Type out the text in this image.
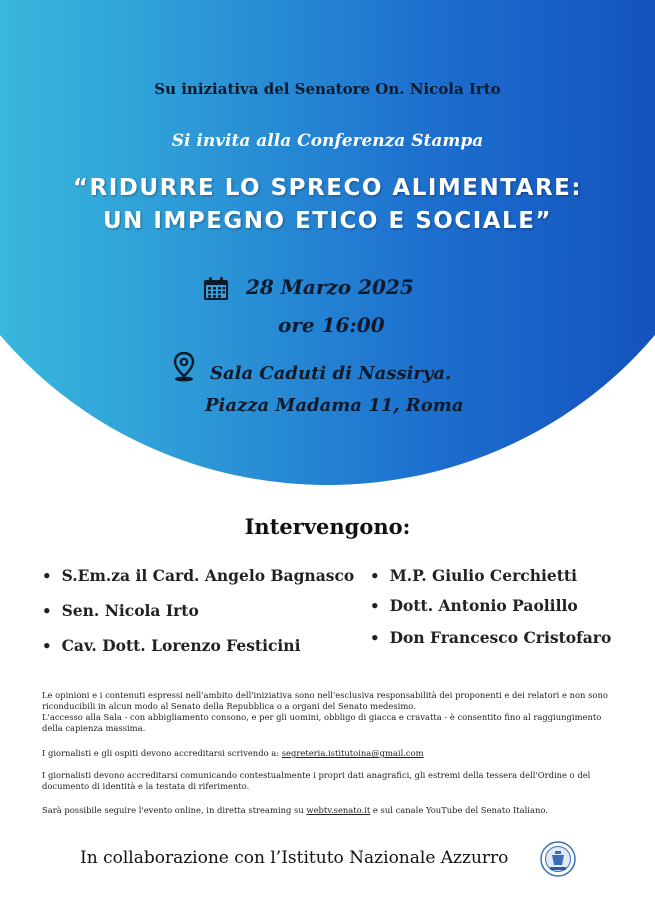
Su iniziativa del Senatore On. Nicola Irto
Si invita alla Conferenza Stampa
“RIDURRE LO SPRECO ALIMENTARE:
UN IMPEGNO ETICO E SOCIALE”
28 Marzo 2025
ore 16:00
Sala Caduti di Nassirya.
Piazza Madama 11, Roma
Intervengono:
• S.Em.za il Card. Angelo Bagnasco
• Sen. Nicola Irto
• Cav. Dott. Lorenzo Festicini
• M.P. Giulio Cerchietti
• Dott. Antonio Paolillo
• Don Francesco Cristofaro

Le opinioni e i contenuti espressi nell'ambito dell'iniziativa sono nell'esclusiva responsabilità dei proponenti e dei relatori e non sono riconducibili in alcun modo al Senato della Repubblica o a organi del Senato medesimo.

L'accesso alla Sala - con abbigliamento consono, e per gli uomini, obbligo di giacca e cravatta - è consentito fino al raggiungimento della capienza massima.

I giornalisti e gli ospiti devono accreditarsi scrivendo a: segreteria.istitutoina@gmail.com
I giornalisti devono accreditarsi comunicando contestualmente i propri dati anagrafici, gli estremi della tessera dell'Ordine o del documento di identità e la testata di riferimento.
Sarà possibile seguire l'evento online, in diretta streaming su webtv.senato.it e sul canale YouTube del Senato Italiano.
In collaborazione con l’Istituto Nazionale Azzurro
